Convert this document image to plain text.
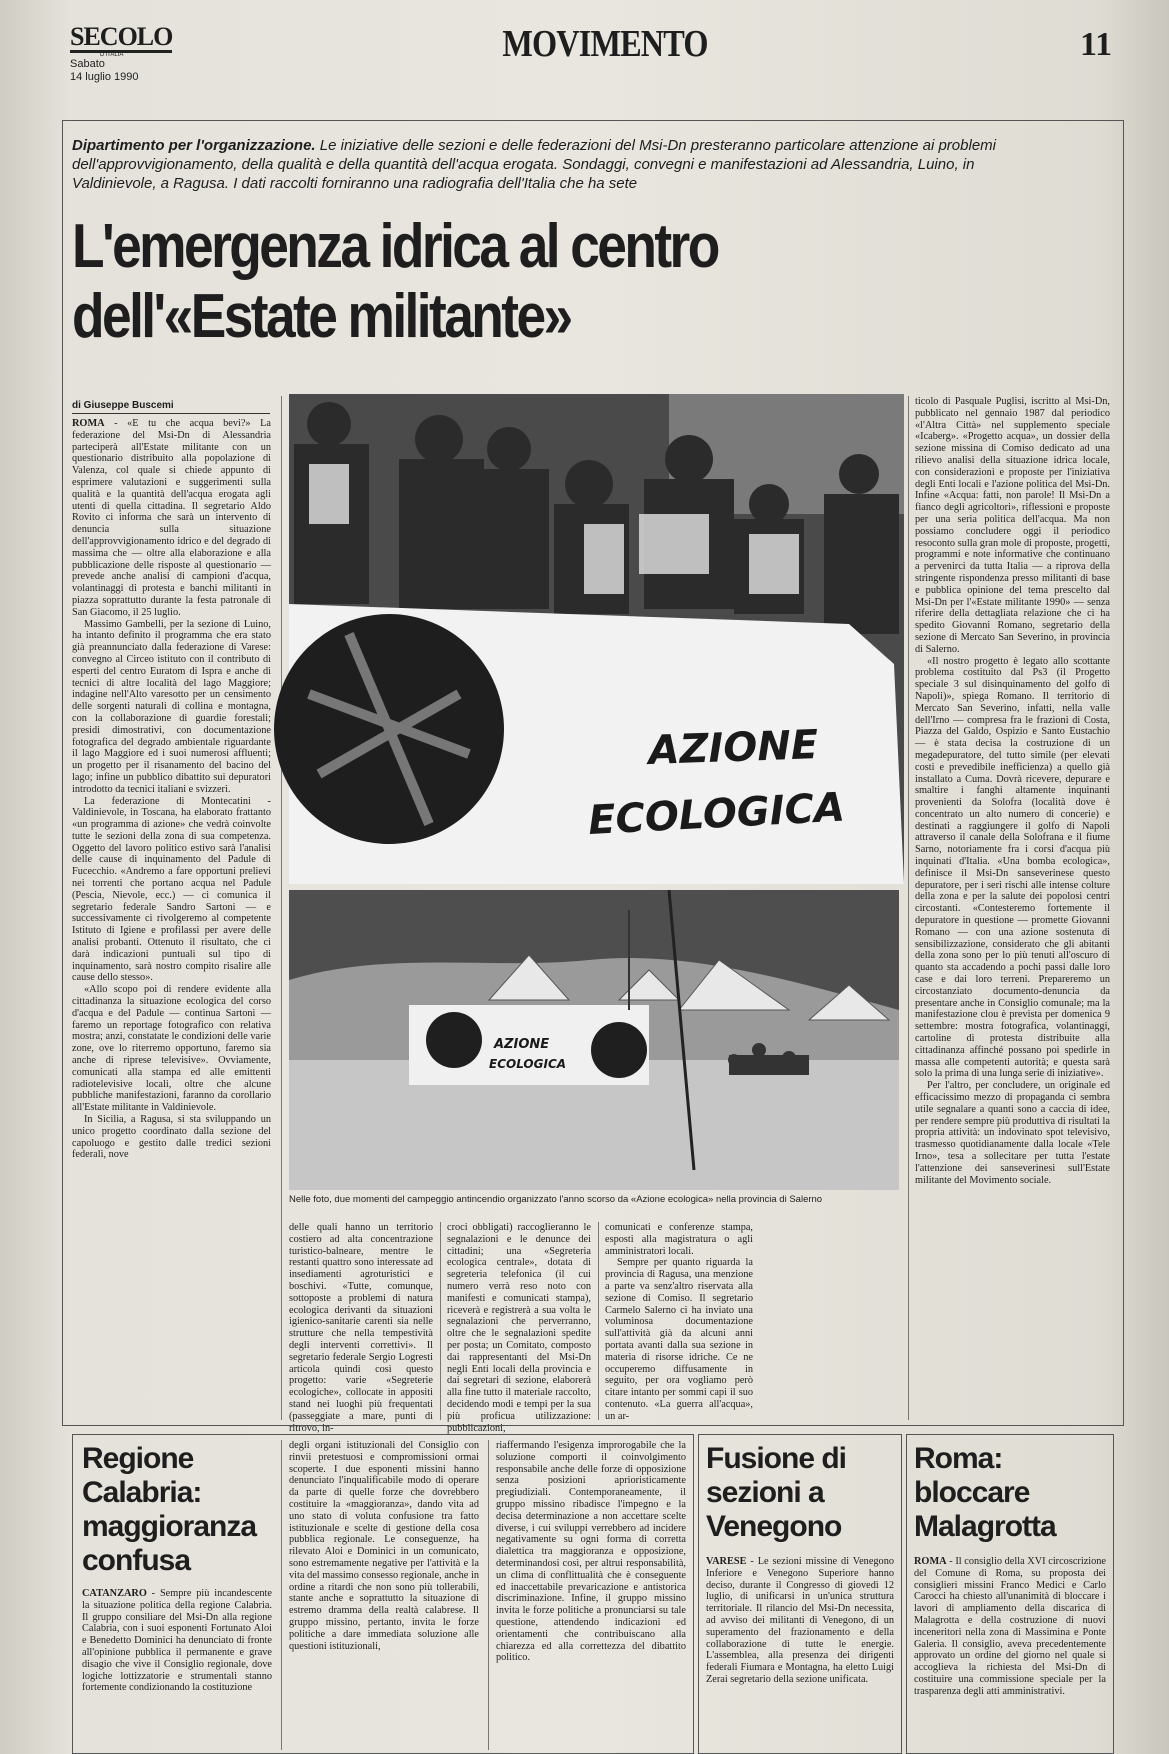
SECOLO
D'ITALIA
Sabato
14 luglio 1990
MOVIMENTO	11
Dipartimento per l'organizzazione. Le iniziative delle sezioni e delle federazioni del Msi-Dn presteranno particolare attenzione ai problemi dell'approvvigionamento, della qualità e della quantità dell'acqua erogata. Sondaggi, convegni e manifestazioni ad Alessandria, Luino, in Valdinievole, a Ragusa. I dati raccolti forniranno una radiografia dell'Italia che ha sete
L'emergenza idrica al centro
dell'«Estate militante»
di Giuseppe Buscemi

ROMA - «E tu che acqua bevi?» La federazione del Msi-Dn di Alessandria parteciperà all'Estate militante con un questionario distribuito alla popolazione di Valenza, col quale si chiede appunto di esprimere valutazioni e suggerimenti sulla qualità e la quantità dell'acqua erogata agli utenti di quella cittadina. Il segretario Aldo Rovito ci informa che sarà un intervento di denuncia sulla situazione dell'approvvigionamento idrico e del degrado di massima che — oltre alla elaborazione e alla pubblicazione delle risposte al questionario — prevede anche analisi di campioni d'acqua, volantinaggi di protesta e banchi militanti in piazza soprattutto durante la festa patronale di San Giacomo, il 25 luglio.

Massimo Gambelli, per la sezione di Luino, ha intanto definito il programma che era stato già preannunciato dalla federazione di Varese: convegno al Circeo istituto con il contributo di esperti del centro Euratom di Ispra e anche di tecnici di altre località del lago Maggiore; indagine nell'Alto varesotto per un censimento delle sorgenti naturali di collina e montagna, con la collaborazione di guardie forestali; presidi dimostrativi, con documentazione fotografica del degrado ambientale riguardante il lago Maggiore ed i suoi numerosi affluenti; un progetto per il risanamento del bacino del lago; infine un pubblico dibattito sui depuratori introdotto da tecnici italiani e svizzeri.

La federazione di Montecatini - Valdinievole, in Toscana, ha elaborato frattanto «un programma di azione» che vedrà coinvolte tutte le sezioni della zona di sua competenza. Oggetto del lavoro politico estivo sarà l'analisi delle cause di inquinamento del Padule di Fucecchio. «Andremo a fare opportuni prelievi nei torrenti che portano acqua nel Padule (Pescia, Nievole, ecc.) — ci comunica il segretario federale Sandro Sartoni — e successivamente ci rivolgeremo al competente Istituto di Igiene e profilassi per avere delle analisi probanti. Ottenuto il risultato, che ci darà indicazioni puntuali sul tipo di inquinamento, sarà nostro compito risalire alle cause dello stesso».

«Allo scopo poi di rendere evidente alla cittadinanza la situazione ecologica del corso d'acqua e del Padule — continua Sartoni — faremo un reportage fotografico con relativa mostra; anzi, constatate le condizioni delle varie zone, ove lo riterremo opportuno, faremo sia anche di riprese televisive». Ovviamente, comunicati alla stampa ed alle emittenti radiotelevisive locali, oltre che alcune pubbliche manifestazioni, faranno da corollario all'Estate militante in Valdinievole.

In Sicilia, a Ragusa, si sta sviluppando un unico progetto coordinato dalla sezione del capoluogo e gestito dalle tredici sezioni federali, nove

AZIONE
ECOLOGICA
AZIONE
ECOLOGICA
Nelle foto, due momenti del campeggio antincendio organizzato l'anno scorso da «Azione ecologica» nella provincia di Salerno

delle quali hanno un territorio costiero ad alta concentrazione turistico-balneare, mentre le restanti quattro sono interessate ad insediamenti agroturistici e boschivi. «Tutte, comunque, sottoposte a problemi di natura ecologica derivanti da situazioni igienico-sanitarie carenti sia nelle strutture che nella tempestività degli interventi correttivi». Il segretario federale Sergio Logresti articola quindi così questo progetto: varie «Segreterie ecologiche», collocate in appositi stand nei luoghi più frequentati (passeggiate a mare, punti di ritrovo, in-

croci obbligati) raccoglieranno le segnalazioni e le denunce dei cittadini; una «Segreteria ecologica centrale», dotata di segreteria telefonica (il cui numero verrà reso noto con manifesti e comunicati stampa), riceverà e registrerà a sua volta le segnalazioni che perverranno, oltre che le segnalazioni spedite per posta; un Comitato, composto dai rappresentanti del Msi-Dn negli Enti locali della provincia e dai segretari di sezione, elaborerà alla fine tutto il materiale raccolto, decidendo modi e tempi per la sua più proficua utilizzazione: pubblicazioni,

comunicati e conferenze stampa, esposti alla magistratura o agli amministratori locali.

Sempre per quanto riguarda la provincia di Ragusa, una menzione a parte va senz'altro riservata alla sezione di Comiso. Il segretario Carmelo Salerno ci ha inviato una voluminosa documentazione sull'attività già da alcuni anni portata avanti dalla sua sezione in materia di risorse idriche. Ce ne occuperemo diffusamente in seguito, per ora vogliamo però citare intanto per sommi capi il suo contenuto. «La guerra all'acqua», un ar-

ticolo di Pasquale Puglisi, iscritto al Msi-Dn, pubblicato nel gennaio 1987 dal periodico «l'Altra Città» nel supplemento speciale «Icaberg». «Progetto acqua», un dossier della sezione missina di Comiso dedicato ad una rilievo analisi della situazione idrica locale, con considerazioni e proposte per l'iniziativa degli Enti locali e l'azione politica del Msi-Dn. Infine «Acqua: fatti, non parole! Il Msi-Dn a fianco degli agricoltori», riflessioni e proposte per una seria politica dell'acqua. Ma non possiamo concludere oggi il periodico resoconto sulla gran mole di proposte, progetti, programmi e note informative che continuano a pervenirci da tutta Italia — a riprova della stringente rispondenza presso militanti di base e pubblica opinione del tema prescelto dal Msi-Dn per l'«Estate militante 1990» — senza riferire della dettagliata relazione che ci ha spedito Giovanni Romano, segretario della sezione di Mercato San Severino, in provincia di Salerno.

«Il nostro progetto è legato allo scottante problema costituito dal Ps3 (il Progetto speciale 3 sul disinquinamento del golfo di Napoli)», spiega Romano. Il territorio di Mercato San Severino, infatti, nella valle dell'Irno — compresa fra le frazioni di Costa, Piazza del Galdo, Ospizio e Santo Eustachio — è stata decisa la costruzione di un megadepuratore, del tutto simile (per elevati costi e prevedibile inefficienza) a quello già installato a Cuma. Dovrà ricevere, depurare e smaltire i fanghi altamente inquinanti provenienti da Solofra (località dove è concentrato un alto numero di concerie) e destinati a raggiungere il golfo di Napoli attraverso il canale della Solofrana e il fiume Sarno, notoriamente fra i corsi d'acqua più inquinati d'Italia. «Una bomba ecologica», definisce il Msi-Dn sanseverinese questo depuratore, per i seri rischi alle intense colture della zona e per la salute dei popolosi centri circostanti. «Contesteremo fortemente il depuratore in questione — promette Giovanni Romano — con una azione sostenuta di sensibilizzazione, considerato che gli abitanti della zona sono per lo più tenuti all'oscuro di quanto sta accadendo a pochi passi dalle loro case e dai loro terreni. Prepareremo un circostanziato documento-denuncia da presentare anche in Consiglio comunale; ma la manifestazione clou è prevista per domenica 9 settembre: mostra fotografica, volantinaggi, cartoline di protesta distribuite alla cittadinanza affinché possano poi spedirle in massa alle competenti autorità; e questa sarà solo la prima di una lunga serie di iniziative».

Per l'altro, per concludere, un originale ed efficacissimo mezzo di propaganda ci sembra utile segnalare a quanti sono a caccia di idee, per rendere sempre più produttiva di risultati la propria attività: un indovinato spot televisivo, trasmesso quotidianamente dalla locale «Tele Irno», tesa a sollecitare per tutta l'estate l'attenzione dei sanseverinesi sull'Estate militante del Movimento sociale.

Regione Calabria: maggioranza confusa

CATANZARO - Sempre più incandescente la situazione politica della regione Calabria. Il gruppo consiliare del Msi-Dn alla regione Calabria, con i suoi esponenti Fortunato Aloi e Benedetto Dominici ha denunciato di fronte all'opinione pubblica il permanente e grave disagio che vive il Consiglio regionale, dove logiche lottizzatorie e strumentali stanno fortemente condizionando la costituzione

degli organi istituzionali del Consiglio con rinvii pretestuosi e compromissioni ormai scoperte. I due esponenti missini hanno denunciato l'inqualificabile modo di operare da parte di quelle forze che dovrebbero costituire la «maggioranza», dando vita ad uno stato di voluta confusione tra fatto istituzionale e scelte di gestione della cosa pubblica regionale. Le conseguenze, ha rilevato Aloi e Dominici in un comunicato, sono estremamente negative per l'attività e la vita del massimo consesso regionale, anche in ordine a ritardi che non sono più tollerabili, stante anche e soprattutto la situazione di estremo dramma della realtà calabrese. Il gruppo missino, pertanto, invita le forze politiche a dare immediata soluzione alle questioni istituzionali,

riaffermando l'esigenza improrogabile che la soluzione comporti il coinvolgimento responsabile anche delle forze di opposizione senza posizioni aprioristicamente pregiudiziali. Contemporaneamente, il gruppo missino ribadisce l'impegno e la decisa determinazione a non accettare scelte diverse, i cui sviluppi verrebbero ad incidere negativamente su ogni forma di corretta dialettica tra maggioranza e opposizione, determinandosi così, per altrui responsabilità, un clima di conflittualità che è conseguente ed inaccettabile prevaricazione e antistorica discriminazione. Infine, il gruppo missino invita le forze politiche a pronunciarsi su tale questione, attendendo indicazioni ed orientamenti che contribuiscano alla chiarezza ed alla correttezza del dibattito politico.

Fusione di sezioni a Venegono

VARESE - Le sezioni missine di Venegono Inferiore e Venegono Superiore hanno deciso, durante il Congresso di giovedì 12 luglio, di unificarsi in un'unica struttura territoriale. Il rilancio del Msi-Dn necessita, ad avviso dei militanti di Venegono, di un superamento del frazionamento e della collaborazione di tutte le energie. L'assemblea, alla presenza dei dirigenti federali Fiumara e Montagna, ha eletto Luigi Zerai segretario della sezione unificata.

Roma: bloccare Malagrotta

ROMA - Il consiglio della XVI circoscrizione del Comune di Roma, su proposta dei consiglieri missini Franco Medici e Carlo Carocci ha chiesto all'unanimità di bloccare i lavori di ampliamento della discarica di Malagrotta e della costruzione di nuovi inceneritori nella zona di Massimina e Ponte Galeria. Il consiglio, aveva precedentemente approvato un ordine del giorno nel quale si accoglieva la richiesta del Msi-Dn di costituire una commissione speciale per la trasparenza degli atti amministrativi.
